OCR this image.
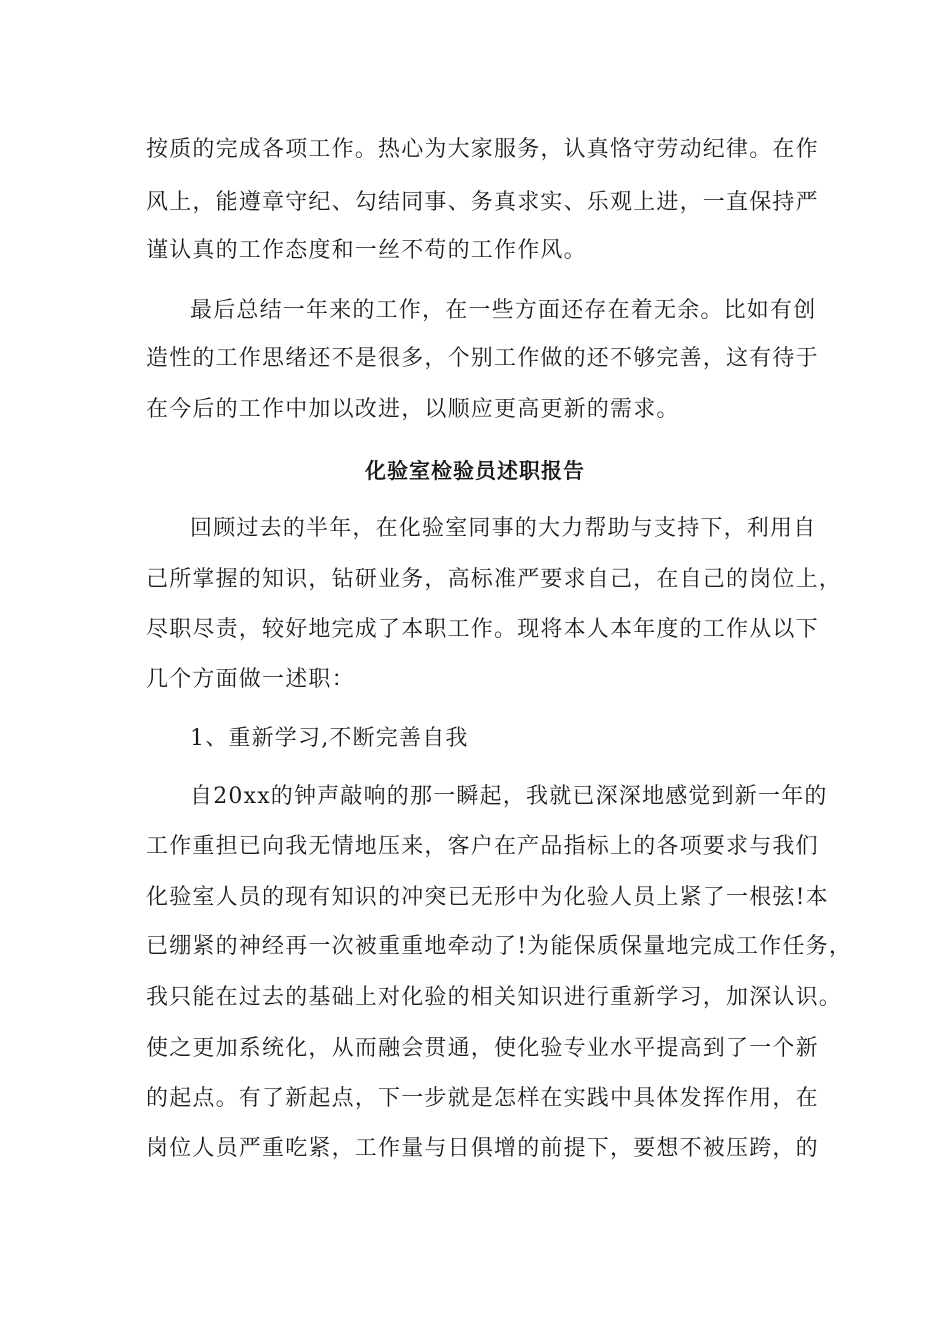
按质的完成各项工作。热心为大家服务，认真恪守劳动纪律。在作
风上，能遵章守纪、勾结同事、务真求实、乐观上进，一直保持严
谨认真的工作态度和一丝不苟的工作作风。
最后总结一年来的工作，在一些方面还存在着无余。比如有创
造性的工作思绪还不是很多，个别工作做的还不够完善，这有待于
在今后的工作中加以改进，以顺应更高更新的需求。
化验室检验员述职报告
回顾过去的半年，在化验室同事的大力帮助与支持下，利用自
己所掌握的知识，钻研业务，高标准严要求自己，在自己的岗位上，
尽职尽责，较好地完成了本职工作。现将本人本年度的工作从以下
几个方面做一述职：
1、重新学习,不断完善自我
自20xx的钟声敲响的那一瞬起，我就已深深地感觉到新一年的
工作重担已向我无情地压来，客户在产品指标上的各项要求与我们
化验室人员的现有知识的冲突已无形中为化验人员上紧了一根弦!本
已绷紧的神经再一次被重重地牵动了!为能保质保量地完成工作任务，
我只能在过去的基础上对化验的相关知识进行重新学习，加深认识。
使之更加系统化，从而融会贯通，使化验专业水平提高到了一个新
的起点。有了新起点，下一步就是怎样在实践中具体发挥作用，在
岗位人员严重吃紧，工作量与日俱增的前提下，要想不被压跨，的
